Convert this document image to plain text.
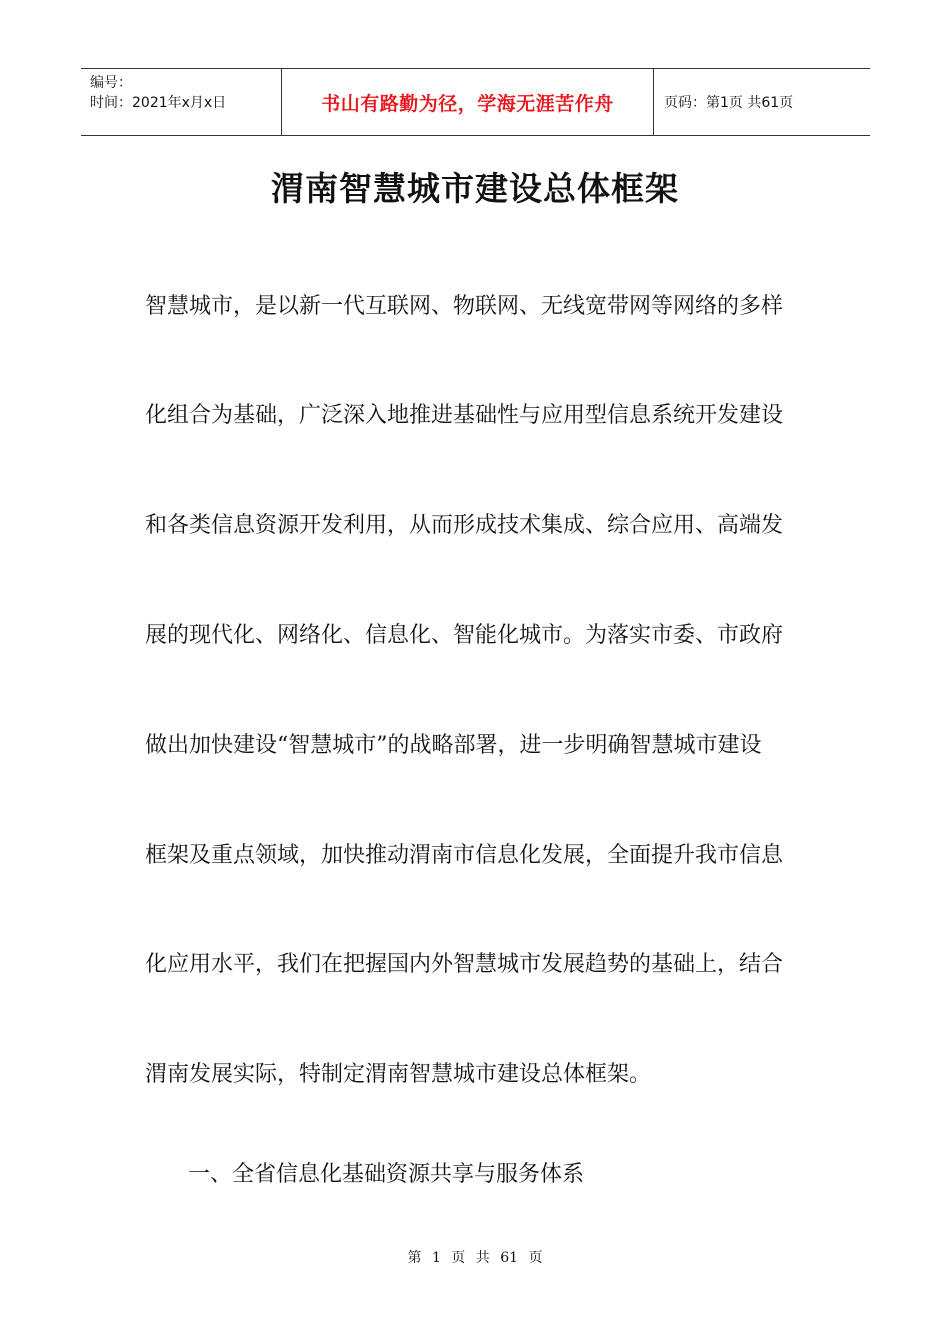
编号：
时间：2021年x月x日	书山有路勤为径，学海无涯苦作舟	页码：第1页 共61页
渭南智慧城市建设总体框架
智慧城市，是以新一代互联网、物联网、无线宽带网等网络的多样
化组合为基础，广泛深入地推进基础性与应用型信息系统开发建设
和各类信息资源开发利用，从而形成技术集成、综合应用、高端发
展的现代化、网络化、信息化、智能化城市。为落实市委、市政府
做出加快建设“智慧城市”的战略部署，进一步明确智慧城市建设
框架及重点领域，加快推动渭南市信息化发展，全面提升我市信息
化应用水平，我们在把握国内外智慧城市发展趋势的基础上，结合
渭南发展实际，特制定渭南智慧城市建设总体框架。
一、全省信息化基础资源共享与服务体系
第 1 页 共 61 页
